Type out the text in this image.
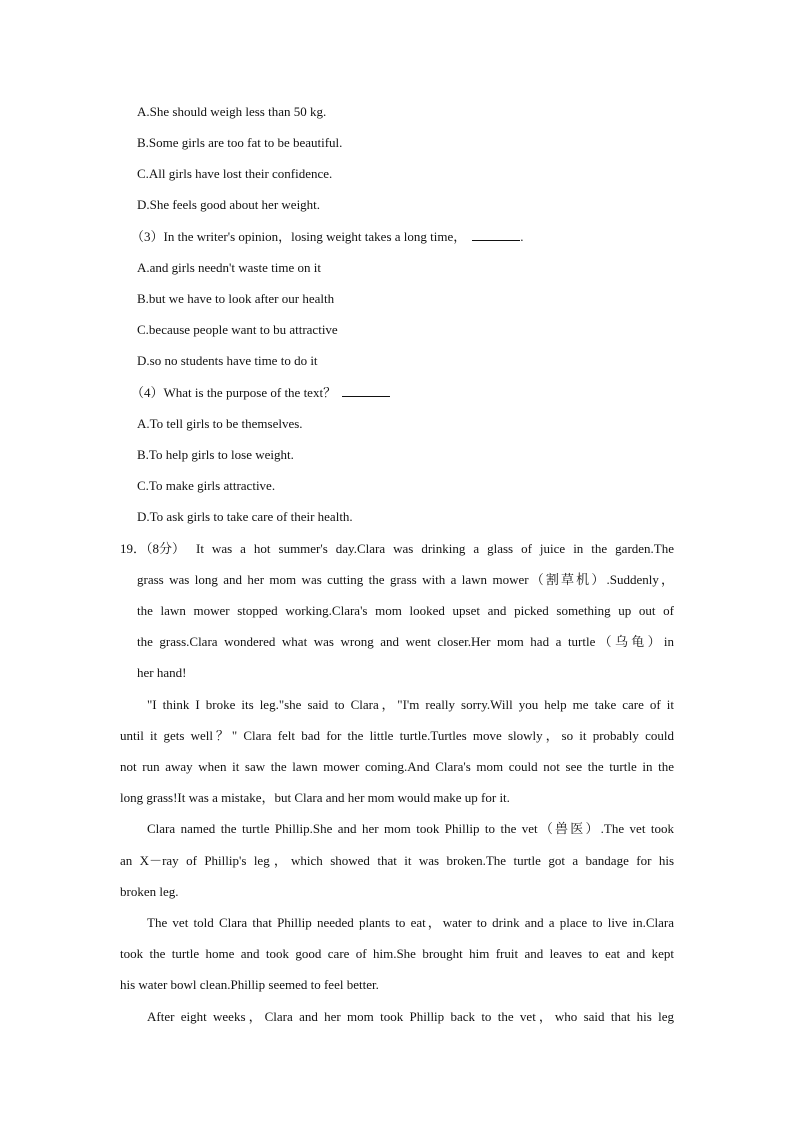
A.She should weigh less than 50 kg.
B.Some girls are too fat to be beautiful.
C.All girls have lost their confidence.
D.She feels good about her weight.
（3）In the writer's opinion，losing weight takes a long time，	.
A.and girls needn't waste time on it
B.but we have to look after our health
C.because people want to bu attractive
D.so no students have time to do it
（4）What is the purpose of the text？
A.To tell girls to be themselves.
B.To help girls to lose weight.
C.To make girls attractive.
D.To ask girls to take care of their health.
19．（8分） It was a hot summer's day.Clara was drinking a glass of juice in the garden.The
grass was long and her mom was cutting the grass with a lawn mower（割草机）.Suddenly，
the lawn mower stopped working.Clara's mom looked upset and picked something up out of
the grass.Clara wondered what was wrong and went closer.Her mom had a turtle（乌龟）in
her hand!
"I think I broke its leg."she said to Clara，"I'm really sorry.Will you help me take care of it
until it gets well？" Clara felt bad for the little turtle.Turtles move slowly，so it probably could
not run away when it saw the lawn mower coming.And Clara's mom could not see the turtle in the
long grass!It was a mistake，but Clara and her mom would make up for it.
Clara named the turtle Phillip.She and her mom took Phillip to the vet（兽医）.The vet took
an X－ray of Phillip's leg，which showed that it was broken.The turtle got a bandage for his
broken leg.
The vet told Clara that Phillip needed plants to eat，water to drink and a place to live in.Clara
took the turtle home and took good care of him.She brought him fruit and leaves to eat and kept
his water bowl clean.Phillip seemed to feel better.
After eight weeks，Clara and her mom took Phillip back to the vet，who said that his leg
